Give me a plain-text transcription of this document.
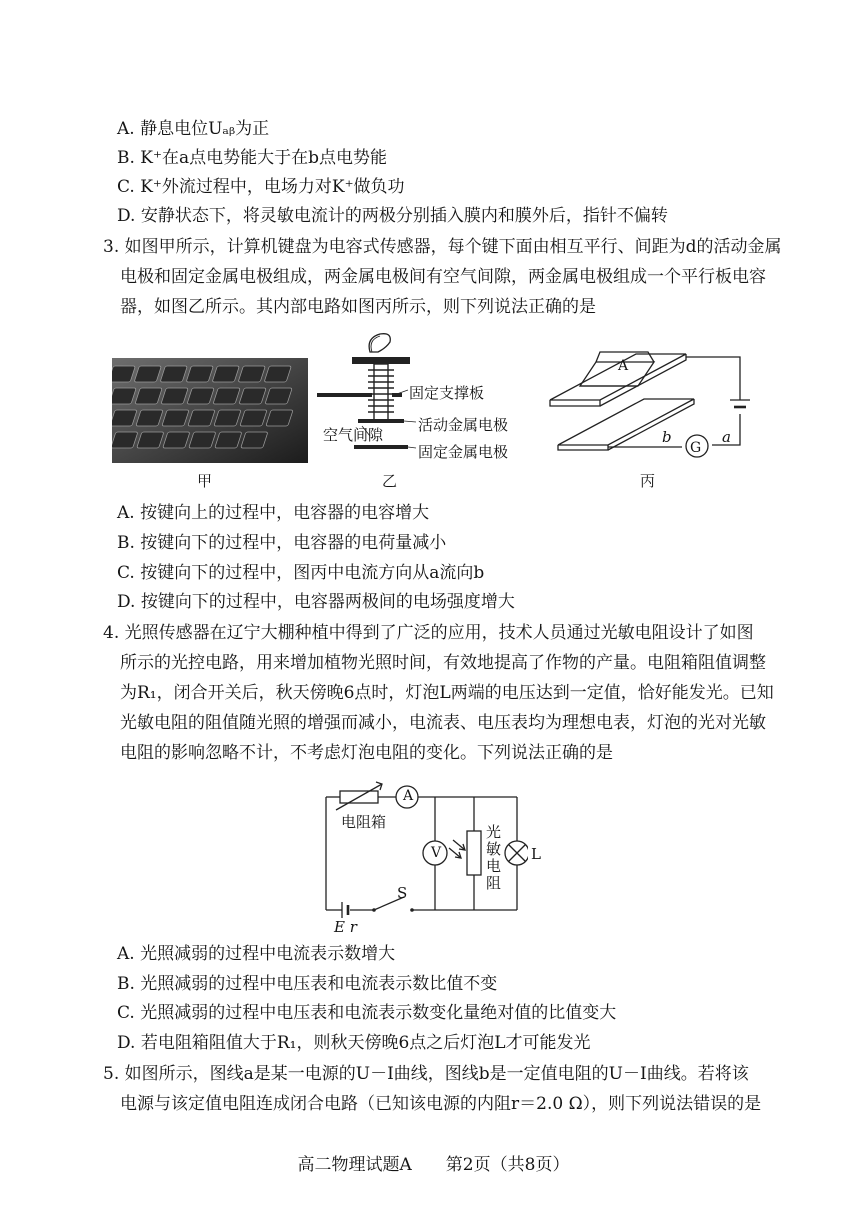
A. 静息电位Uₐᵦ为正
B. K⁺在a点电势能大于在b点电势能
C. K⁺外流过程中，电场力对K⁺做负功
D. 安静状态下，将灵敏电流计的两极分别插入膜内和膜外后，指针不偏转
3. 如图甲所示，计算机键盘为电容式传感器，每个键下面由相互平行、间距为d的活动金属
电极和固定金属电极组成，两金属电极间有空气间隙，两金属电极组成一个平行板电容
器，如图乙所示。其内部电路如图丙所示，则下列说法正确的是
甲
固定支撑板
活动金属电极
空气间隙
固定金属电极
乙
A
G
b	a
丙
A. 按键向上的过程中，电容器的电容增大
B. 按键向下的过程中，电容器的电荷量减小
C. 按键向下的过程中，图丙中电流方向从a流向b
D. 按键向下的过程中，电容器两极间的电场强度增大
4. 光照传感器在辽宁大棚种植中得到了广泛的应用，技术人员通过光敏电阻设计了如图
所示的光控电路，用来增加植物光照时间，有效地提高了作物的产量。电阻箱阻值调整
为R₁，闭合开关后，秋天傍晚6点时，灯泡L两端的电压达到一定值，恰好能发光。已知
光敏电阻的阻值随光照的增强而减小，电流表、电压表均为理想电表，灯泡的光对光敏
电阻的影响忽略不计，不考虑灯泡电阻的变化。下列说法正确的是
A
电阻箱
V
光敏电阻
L
S
E r
A. 光照减弱的过程中电流表示数增大
B. 光照减弱的过程中电压表和电流表示数比值不变
C. 光照减弱的过程中电压表和电流表示数变化量绝对值的比值变大
D. 若电阻箱阻值大于R₁，则秋天傍晚6点之后灯泡L才可能发光
5. 如图所示，图线a是某一电源的U－I曲线，图线b是一定值电阻的U－I曲线。若将该
电源与该定值电阻连成闭合电路（已知该电源的内阻r＝2.0 Ω），则下列说法错误的是
高二物理试题A　　第2页（共8页）
